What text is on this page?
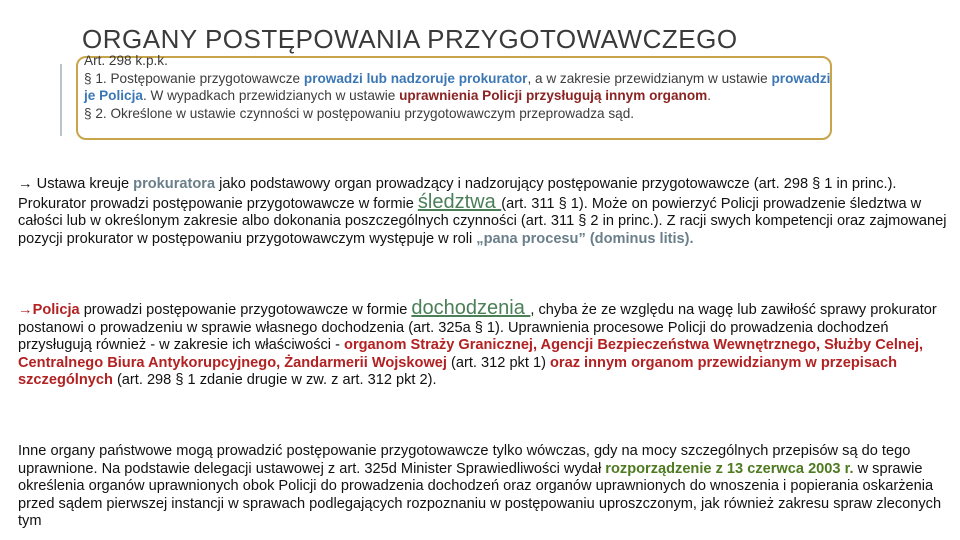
ORGANY POSTĘPOWANIA PRZYGOTOWAWCZEGO

Art. 298 k.p.k.

§ 1. Postępowanie przygotowawcze prowadzi lub nadzoruje prokurator, a w zakresie przewidzianym w ustawie prowadzi je Policja. W wypadkach przewidzianych w ustawie uprawnienia Policji przysługują innym organom.

§ 2. Określone w ustawie czynności w postępowaniu przygotowawczym przeprowadza sąd.

→ Ustawa kreuje prokuratora jako podstawowy organ prowadzący i nadzorujący postępowanie przygotowawcze (art. 298 § 1 in princ.). Prokurator prowadzi postępowanie przygotowawcze w formie śledztwa (art. 311 § 1). Może on powierzyć Policji prowadzenie śledztwa w całości lub w określonym zakresie albo dokonania poszczególnych czynności (art. 311 § 2 in princ.). Z racji swych kompetencji oraz zajmowanej pozycji prokurator w postępowaniu przygotowawczym występuje w roli „pana procesu” (dominus litis).

→Policja prowadzi postępowanie przygotowawcze w formie dochodzenia , chyba że ze względu na wagę lub zawiłość sprawy prokurator postanowi o prowadzeniu w sprawie własnego dochodzenia (art. 325a § 1). Uprawnienia procesowe Policji do prowadzenia dochodzeń przysługują również - w zakresie ich właściwości - organom Straży Granicznej, Agencji Bezpieczeństwa Wewnętrznego, Służby Celnej, Centralnego Biura Antykorupcyjnego, Żandarmerii Wojskowej (art. 312 pkt 1) oraz innym organom przewidzianym w przepisach szczególnych (art. 298 § 1 zdanie drugie w zw. z art. 312 pkt 2).

Inne organy państwowe mogą prowadzić postępowanie przygotowawcze tylko wówczas, gdy na mocy szczególnych przepisów są do tego uprawnione. Na podstawie delegacji ustawowej z art. 325d Minister Sprawiedliwości wydał rozporządzenie z 13 czerwca 2003 r. w sprawie określenia organów uprawnionych obok Policji do prowadzenia dochodzeń oraz organów uprawnionych do wnoszenia i popierania oskarżenia przed sądem pierwszej instancji w sprawach podlegających rozpoznaniu w postępowaniu uproszczonym, jak również zakresu spraw zleconych tym
